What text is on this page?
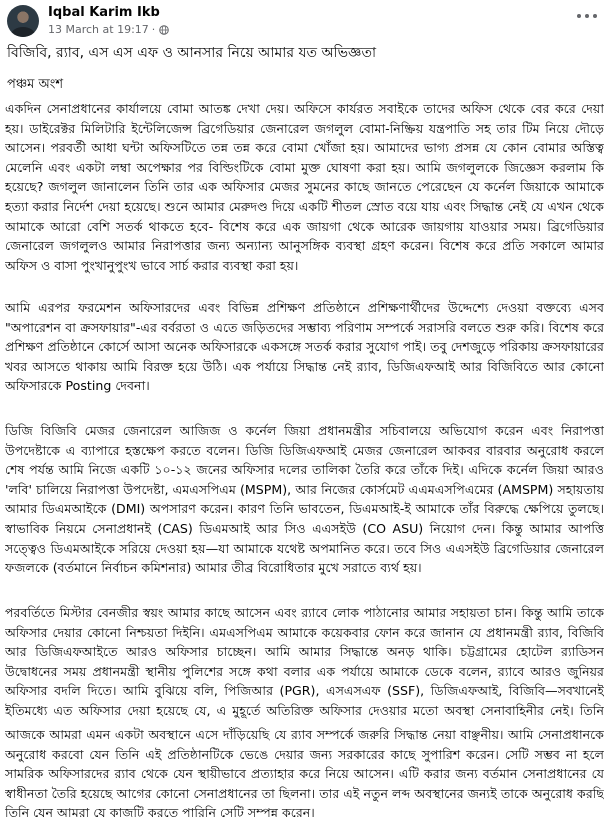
Iqbal Karim Ikb
13 March at 19:17 ·
বিজিবি, র‍্যাব, এস এস এফ ও আনসার নিয়ে আমার যত অভিজ্ঞতা
পঞ্চম অংশ
একদিন সেনাপ্রধানের কার্যালয়ে বোমা আতঙ্ক দেখা দেয়। অফিসে কার্যরত সবাইকে তাদের অফিস থেকে বের করে দেয়া হয়। ডাইরেক্টর মিলিটারি ইন্টেলিজেন্স ব্রিগেডিয়ার জেনারেল জগলুল বোমা-নিষ্ক্রিয় যন্ত্রপাতি সহ তার টিম নিয়ে দৌড়ে আসেন। পরবর্তী আধা ঘন্টা অফিসটিতে তন্ন তন্ন করে বোমা খোঁজা হয়। আমাদের ভাগ্য প্রসন্ন যে কোন বোমার অস্তিত্ব মেলেনি এবং একটা লম্বা অপেক্ষার পর বিল্ডিংটিকে বোমা মুক্ত ঘোষণা করা হয়। আমি জগলুলকে জিজ্ঞেস করলাম কি হয়েছে? জগলুল জানালেন তিনি তার এক অফিসার মেজর সুমনের কাছে জানতে পেরেছেন যে কর্নেল জিয়াকে আমাকে হত্যা করার নির্দেশ দেয়া হয়েছে। শুনে আমার মেরুদণ্ড দিয়ে একটি শীতল স্রোত বয়ে যায় এবং সিদ্ধান্ত নেই যে এখন থেকে আমাকে আরো বেশি সতর্ক থাকতে হবে- বিশেষ করে এক জায়গা থেকে আরেক জায়গায় যাওয়ার সময়। ব্রিগেডিয়ার জেনারেল জগলুলও আমার নিরাপত্তার জন্য অন্যান্য আনুসঙ্গিক ব্যবস্থা গ্রহণ করেন। বিশেষ করে প্রতি সকালে আমার অফিস ও বাসা পুংখানুপুংখ ভাবে সার্চ করার ব্যবস্থা করা হয়।
আমি এরপর ফরমেশন অফিসারদের এবং বিভিন্ন প্রশিক্ষণ প্রতিষ্ঠানে প্রশিক্ষণার্থীদের উদ্দেশ্যে দেওয়া বক্তব্যে এসব "অপারেশন বা ক্রসফায়ার"-এর বর্বরতা ও এতে জড়িতদের সম্ভাব্য পরিণাম সম্পর্কে সরাসরি বলতে শুরু করি। বিশেষ করে প্রশিক্ষণ প্রতিষ্ঠানে কোর্সে আসা অনেক অফিসারকে একসঙ্গে সতর্ক করার সুযোগ পাই। তবু দেশজুড়ে পরিকায় ক্রসফায়ারের খবর আসতে থাকায় আমি বিরক্ত হয়ে উঠি। এক পর্যায়ে সিদ্ধান্ত নেই র‍্যাব, ডিজিএফআই আর বিজিবিতে আর কোনো অফিসারকে Posting দেবনা।
ডিজি বিজিবি মেজর জেনারেল আজিজ ও কর্নেল জিয়া প্রধানমন্ত্রীর সচিবালয়ে অভিযোগ করেন এবং নিরাপত্তা উপদেষ্টাকে এ ব্যাপারে হস্তক্ষেপ করতে বলেন। ডিজি ডিজিএফআই মেজর জেনারেল আকবর বারবার অনুরোধ করলে শেষ পর্যন্ত আমি নিজে একটি ১০-১২ জনের অফিসার দলের তালিকা তৈরি করে তাঁকে দিই। এদিকে কর্নেল জিয়া আরও 'লবি' চালিয়ে নিরাপত্তা উপদেষ্টা, এমএসপিএম (MSPM), আর নিজের কোর্সমেট এএমএসপিএমের (AMSPM) সহায়তায় আমার ডিএমআইকে (DMI) অপসারণ করেন। কারণ তিনি ভাবতেন, ডিএমআই-ই আমাকে তাঁর বিরুদ্ধে ক্ষেপিয়ে তুলছে। স্বাভাবিক নিয়মে সেনাপ্রধানই (CAS) ডিএমআই আর সিও এএসইউ (CO ASU) নিয়োগ দেন। কিন্তু আমার আপত্তি সত্ত্বেও ডিএমআইকে সরিয়ে দেওয়া হয়—যা আমাকে যথেষ্ট অপমানিত করে। তবে সিও এএসইউ ব্রিগেডিয়ার জেনারেল ফজলকে (বর্তমানে নির্বাচন কমিশনার) আমার তীব্র বিরোধিতার মুখে সরাতে ব্যর্থ হয়।
পরবর্তিতে মিস্টার বেনজীর স্বয়ং আমার কাছে আসেন এবং র‍্যাবে লোক পাঠানোর আমার সহায়তা চান। কিন্তু আমি তাকে অফিসার দেয়ার কোনো নিশ্চয়তা দিইনি। এমএসপিএম আমাকে কয়েকবার ফোন করে জানান যে প্রধানমন্ত্রী র‍্যাব, বিজিবি আর ডিজিএফআইতে আরও অফিসার চাচ্ছেন। আমি আমার সিদ্ধান্তে অনড় থাকি। চট্টগ্রামের হোটেল র‍্যাডিসন উদ্বোধনের সময় প্রধানমন্ত্রী স্থানীয় পুলিশের সঙ্গে কথা বলার এক পর্যায়ে আমাকে ডেকে বলেন, র‍্যাবে আরও জুনিয়র অফিসার বদলি দিতে। আমি বুঝিয়ে বলি, পিজিআর (PGR), এসএসএফ (SSF), ডিজিএফআই, বিজিবি—সবখানেই ইতিমধ্যে এত অফিসার দেয়া হয়েছে যে, এ মুহূর্তে অতিরিক্ত অফিসার দেওয়ার মতো অবস্থা সেনাবাহিনীর নেই। তিনি
আজকে আমরা এমন একটা অবস্থানে এসে দাঁড়িয়েছি যে র‍্যাব সম্পর্কে জরুরি সিদ্ধান্ত নেয়া বাঞ্ছনীয়। আমি সেনাপ্রধানকে অনুরোধ করবো যেন তিনি এই প্রতিষ্ঠানটিকে ভেঙে দেয়ার জন্য সরকারের কাছে সুপারিশ করেন। সেটি সম্ভব না হলে সামরিক অফিসারদের র‍্যাব থেকে যেন স্থায়ীভাবে প্রত্যাহার করে নিয়ে আসেন। এটি করার জন্য বর্তমান সেনাপ্রধানের যে স্বাধীনতা তৈরি হয়েছে আগের কোনো সেনাপ্রধানের তা ছিলনা। তার এই নতুন লব্দ অবস্থানের জন্যই তাকে অনুরোধ করছি তিনি যেন আমরা যে কাজটি করতে পারিনি সেটি সম্পন্ন করেন।
